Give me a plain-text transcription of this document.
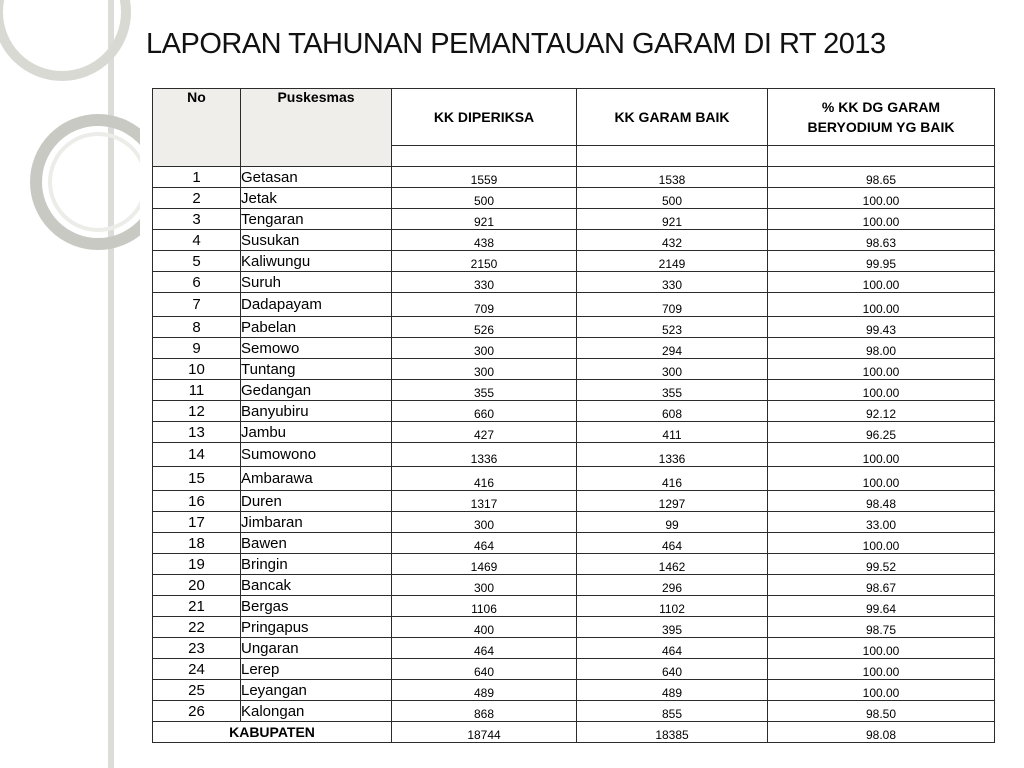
LAPORAN TAHUNAN PEMANTAUAN GARAM DI RT 2013
No	Puskesmas	KK DIPERIKSA	KK GARAM BAIK	% KK DG GARAM
BERYODIUM YG BAIK

1	Getasan	1559	1538	98.65
2	Jetak	500	500	100.00
3	Tengaran	921	921	100.00
4	Susukan	438	432	98.63
5	Kaliwungu	2150	2149	99.95
6	Suruh	330	330	100.00
7	Dadapayam	709	709	100.00
8	Pabelan	526	523	99.43
9	Semowo	300	294	98.00
10	Tuntang	300	300	100.00
11	Gedangan	355	355	100.00
12	Banyubiru	660	608	92.12
13	Jambu	427	411	96.25
14	Sumowono	1336	1336	100.00
15	Ambarawa	416	416	100.00
16	Duren	1317	1297	98.48
17	Jimbaran	300	99	33.00
18	Bawen	464	464	100.00
19	Bringin	1469	1462	99.52
20	Bancak	300	296	98.67
21	Bergas	1106	1102	99.64
22	Pringapus	400	395	98.75
23	Ungaran	464	464	100.00
24	Lerep	640	640	100.00
25	Leyangan	489	489	100.00
26	Kalongan	868	855	98.50
KABUPATEN		18744	18385	98.08
